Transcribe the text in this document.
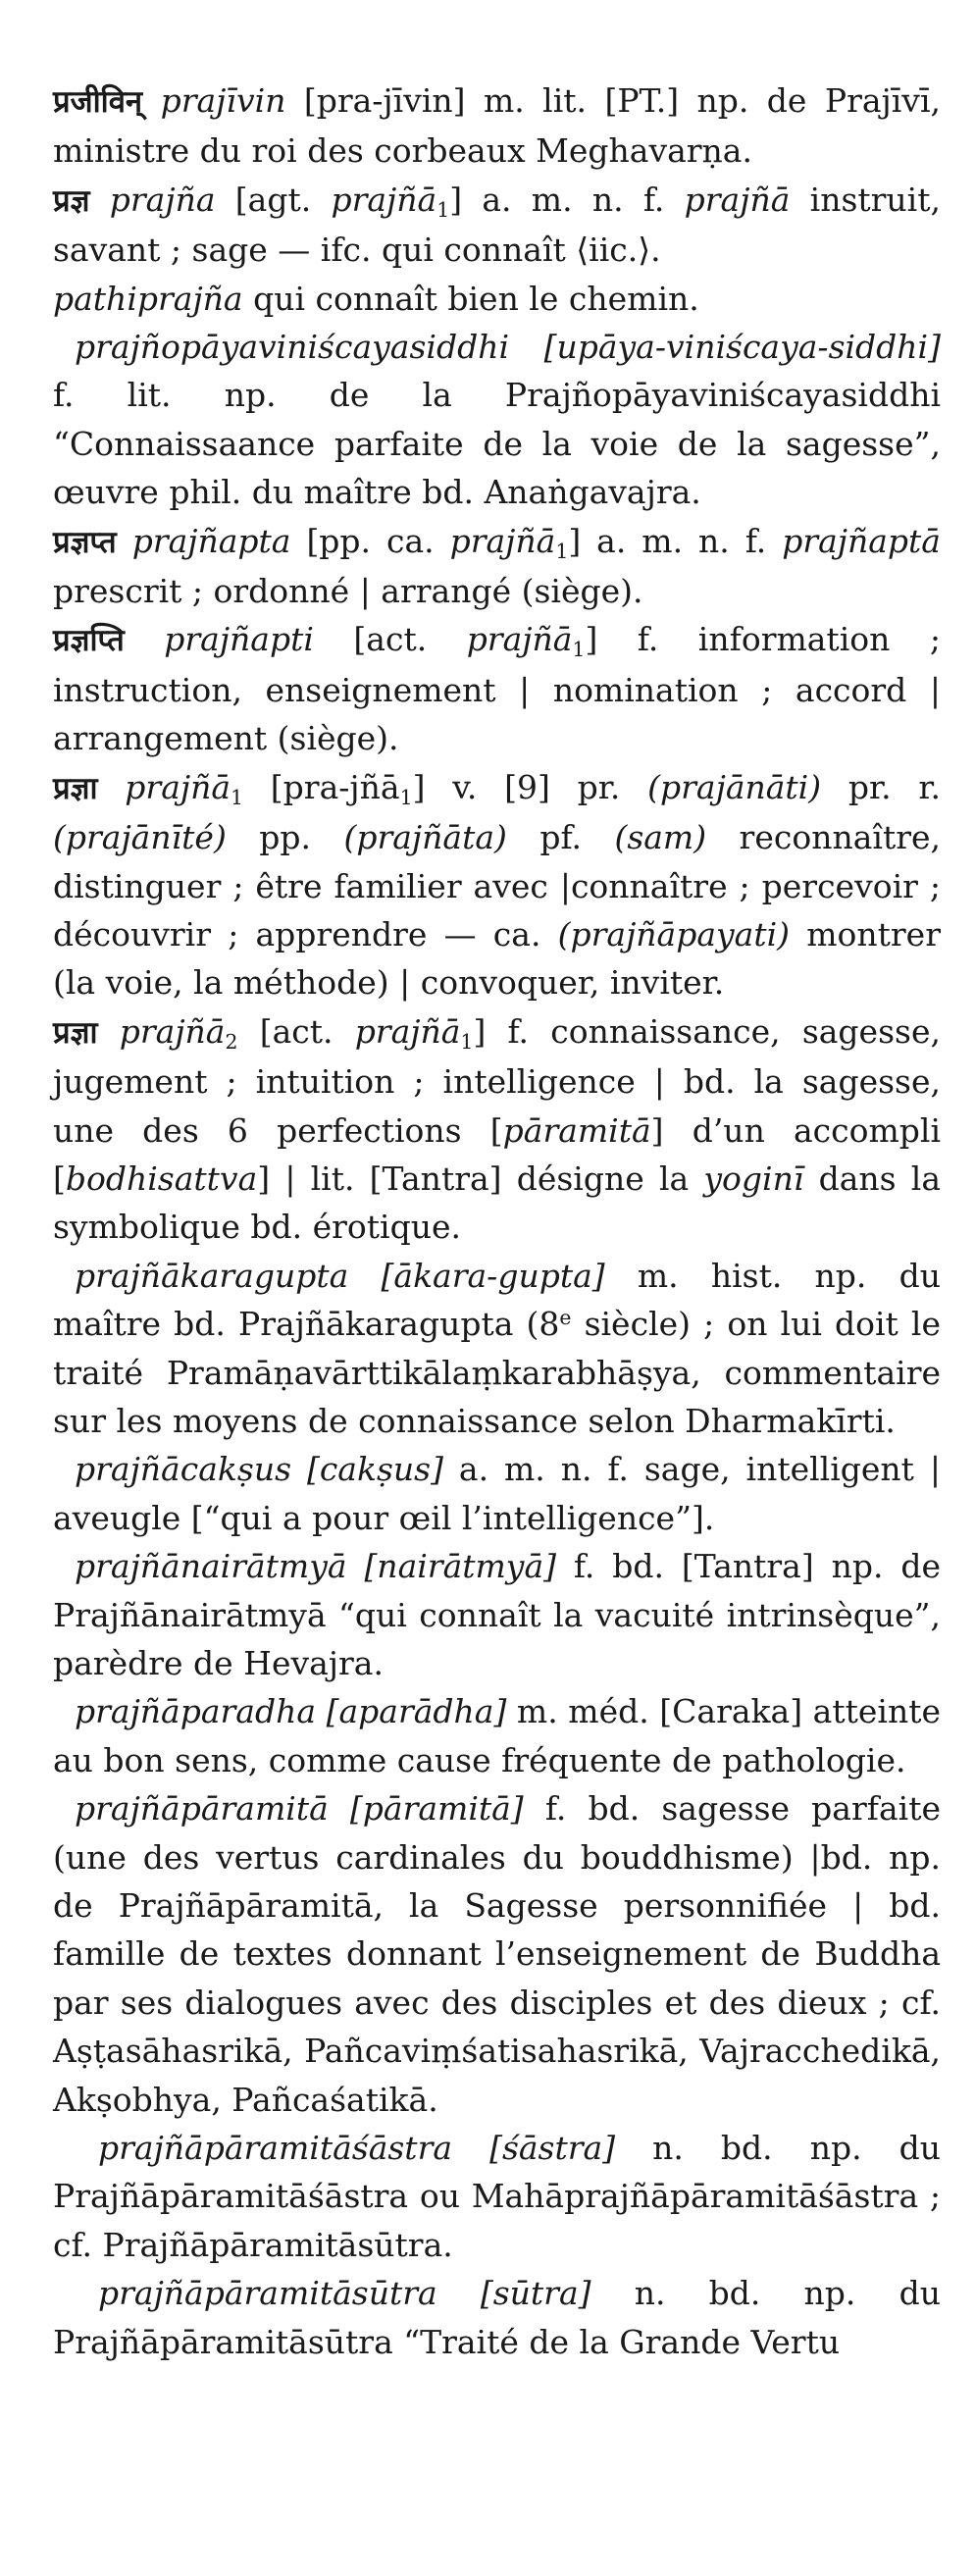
प्रजीविन् prajīvin [pra-jīvin] m. lit. [PT.] np. de Prajīvī, ministre du roi des corbeaux Meghavarṇa.

प्रज्ञ prajña [agt. prajñā$_1$] a. m. n. f. prajñā instruit, savant ; sage — ifc. qui connaît ⟨iic.⟩.

pathiprajña qui connaît bien le chemin.

prajñopāyaviniścayasiddhi [upāya-viniścaya-siddhi] f. lit. np. de la Prajñopāyaviniścayasiddhi “Connaissaance parfaite de la voie de la sagesse”, œuvre phil. du maître bd. Anaṅgavajra.

प्रज्ञप्त prajñapta [pp. ca. prajñā$_1$] a. m. n. f. prajñaptā prescrit ; ordonné | arrangé (siège).

प्रज्ञप्ति prajñapti [act. prajñā$_1$] f. information ; instruction, enseignement | nomination ; accord | arrangement (siège).

प्रज्ञा prajñā$_1$ [pra-jñā$_1$] v. [9] pr. (prajānāti) pr. r. (prajānīté) pp. (prajñāta) pf. (sam) reconnaître, distinguer ; être familier avec |connaître ; percevoir ; découvrir ; apprendre — ca. (prajñāpayati) montrer (la voie, la méthode) | convoquer, inviter.

प्रज्ञा prajñā$_2$ [act. prajñā$_1$] f. connaissance, sagesse, jugement ; intuition ; intelligence | bd. la sagesse, une des 6 perfections [pāramitā] d’un accompli [bodhisattva] | lit. [Tantra] désigne la yoginī dans la symbolique bd. érotique.

prajñākaragupta [ākara-gupta] m. hist. np. du maître bd. Prajñākaragupta (8e siècle) ; on lui doit le traité Pramāṇavārttikālaṃkarabhāṣya, commentaire sur les moyens de connaissance selon Dharmakīrti.

prajñācakṣus [cakṣus] a. m. n. f. sage, intelligent | aveugle [“qui a pour œil l’intelligence”].

prajñānairātmyā [nairātmyā] f. bd. [Tantra] np. de Prajñānairātmyā “qui connaît la vacuité intrinsèque”, parèdre de Hevajra.

prajñāparadha [aparādha] m. méd. [Caraka] atteinte au bon sens, comme cause fréquente de pathologie.

prajñāpāramitā [pāramitā] f. bd. sagesse parfaite (une des vertus cardinales du bouddhisme) |bd. np. de Prajñāpāramitā, la Sagesse personnifiée | bd. famille de textes donnant l’enseignement de Buddha par ses dialogues avec des disciples et des dieux ; cf. Aṣṭasāhasrikā, Pañcaviṃśatisahasrikā, Vajracchedikā, Akṣobhya, Pañcaśatikā.

prajñāpāramitāśāstra [śāstra] n. bd. np. du Prajñāpāramitāśāstra ou Mahāprajñāpāramitāśāstra ; cf. Prajñāpāramitāsūtra.

prajñāpāramitāsūtra [sūtra] n. bd. np. du Prajñāpāramitāsūtra “Traité de la Grande Vertu
